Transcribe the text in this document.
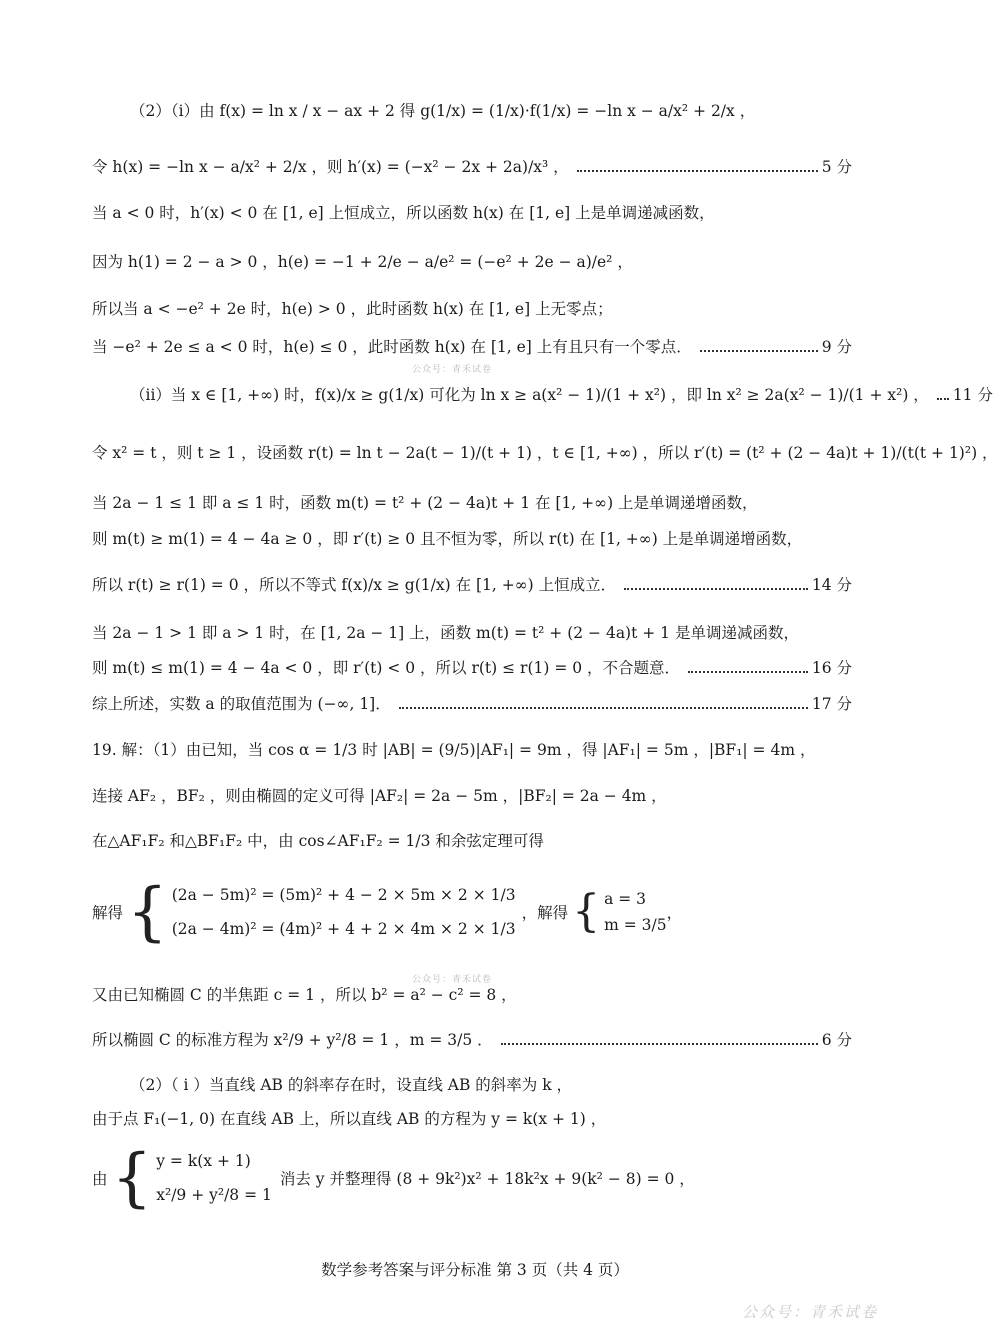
（2）（i）由 f(x) = ln x / x − ax + 2 得 g(1/x) = (1/x)·f(1/x) = −ln x − a/x² + 2/x ，
令 h(x) = −ln x − a/x² + 2/x ，则 h′(x) = (−x² − 2x + 2a)/x³ ，	5 分
当 a < 0 时，h′(x) < 0 在 [1, e] 上恒成立，所以函数 h(x) 在 [1, e] 上是单调递减函数，
因为 h(1) = 2 − a > 0 ，h(e) = −1 + 2/e − a/e² = (−e² + 2e − a)/e² ，
所以当 a < −e² + 2e 时，h(e) > 0 ，此时函数 h(x) 在 [1, e] 上无零点；
当 −e² + 2e ≤ a < 0 时，h(e) ≤ 0 ，此时函数 h(x) 在 [1, e] 上有且只有一个零点．	9 分
公众号：青禾试卷
（ii）当 x ∈ [1, +∞) 时，f(x)/x ≥ g(1/x) 可化为 ln x ≥ a(x² − 1)/(1 + x²) ，即 ln x² ≥ 2a(x² − 1)/(1 + x²) ， 11 分
令 x² = t ，则 t ≥ 1 ，设函数 r(t) = ln t − 2a(t − 1)/(t + 1) ，t ∈ [1, +∞) ，所以 r′(t) = (t² + (2 − 4a)t + 1)/(t(t + 1)²) ，
当 2a − 1 ≤ 1 即 a ≤ 1 时，函数 m(t) = t² + (2 − 4a)t + 1 在 [1, +∞) 上是单调递增函数，
则 m(t) ≥ m(1) = 4 − 4a ≥ 0 ，即 r′(t) ≥ 0 且不恒为零，所以 r(t) 在 [1, +∞) 上是单调递增函数，
所以 r(t) ≥ r(1) = 0 ，所以不等式 f(x)/x ≥ g(1/x) 在 [1, +∞) 上恒成立．	14 分
当 2a − 1 > 1 即 a > 1 时，在 [1, 2a − 1] 上，函数 m(t) = t² + (2 − 4a)t + 1 是单调递减函数，
则 m(t) ≤ m(1) = 4 − 4a < 0 ，即 r′(t) < 0 ，所以 r(t) ≤ r(1) = 0 ，不合题意．	16 分
综上所述，实数 a 的取值范围为 (−∞, 1]．	17 分
19. 解：（1）由已知，当 cos α = 1/3 时 |AB| = (9/5)|AF₁| = 9m ，得 |AF₁| = 5m ，|BF₁| = 4m ，
连接 AF₂ ，BF₂ ，则由椭圆的定义可得 |AF₂| = 2a − 5m ，|BF₂| = 2a − 4m ，
在△AF₁F₂ 和△BF₁F₂ 中，由 cos∠AF₁F₂ = 1/3 和余弦定理可得
解得 { (2a − 5m)² = (5m)² + 4 − 2 × 5m × 2 × 1/3
(2a − 4m)² = (4m)² + 4 + 2 × 4m × 2 × 1/3
，解得 { a = 3
m = 3/5
，
公众号：青禾试卷
又由已知椭圆 C 的半焦距 c = 1 ，所以 b² = a² − c² = 8 ，
所以椭圆 C 的标准方程为 x²/9 + y²/8 = 1 ，m = 3/5 ．	6 分
（2）（ i ）当直线 AB 的斜率存在时，设直线 AB 的斜率为 k ，
由于点 F₁(−1, 0) 在直线 AB 上，所以直线 AB 的方程为 y = k(x + 1) ，
由 { y = k(x + 1)
x²/9 + y²/8 = 1
消去 y 并整理得 (8 + 9k²)x² + 18k²x + 9(k² − 8) = 0 ，
数学参考答案与评分标准 第 3 页（共 4 页）
公众号：青禾试卷
